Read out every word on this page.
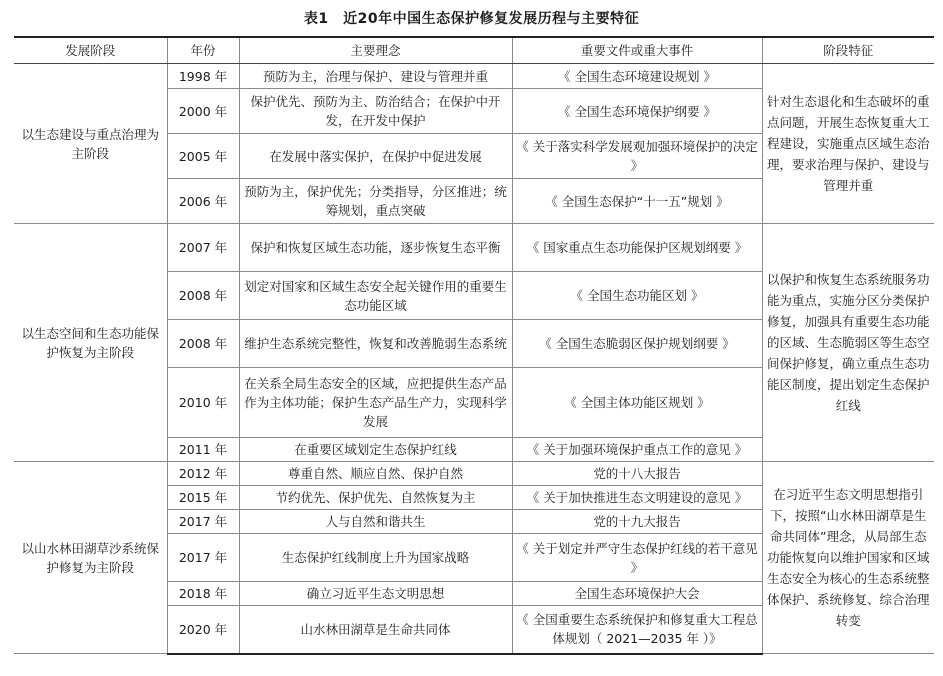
表1　近20年中国生态保护修复发展历程与主要特征
发展阶段	年份	主要理念	重要文件或重大事件	阶段特征
以生态建设与重点治理为主阶段	1998 年	预防为主，治理与保护、建设与管理并重	《 全国生态环境建设规划 》	针对生态退化和生态破坏的重点问题，开展生态恢复重大工程建设，实施重点区域生态治理，要求治理与保护、建设与管理并重
	2000 年	保护优先、预防为主、防治结合；在保护中开发，在开发中保护	《 全国生态环境保护纲要 》	
	2005 年	在发展中落实保护，在保护中促进发展	《 关于落实科学发展观加强环境保护的决定 》	
	2006 年	预防为主，保护优先；分类指导，分区推进；统筹规划，重点突破	《 全国生态保护“十一五”规划 》	
以生态空间和生态功能保护恢复为主阶段	2007 年	保护和恢复区域生态功能，逐步恢复生态平衡	《 国家重点生态功能保护区规划纲要 》	以保护和恢复生态系统服务功能为重点，实施分区分类保护修复，加强具有重要生态功能的区域、生态脆弱区等生态空间保护修复，确立重点生态功能区制度，提出划定生态保护红线
	2008 年	划定对国家和区域生态安全起关键作用的重要生态功能区域	《 全国生态功能区划 》	
	2008 年	维护生态系统完整性，恢复和改善脆弱生态系统	《 全国生态脆弱区保护规划纲要 》	
	2010 年	在关系全局生态安全的区域，应把提供生态产品作为主体功能；保护生态产品生产力，实现科学发展	《 全国主体功能区规划 》	
	2011 年	在重要区域划定生态保护红线	《 关于加强环境保护重点工作的意见 》	
以山水林田湖草沙系统保护修复为主阶段	2012 年	尊重自然、顺应自然、保护自然	党的十八大报告	在习近平生态文明思想指引下，按照“山水林田湖草是生命共同体”理念，从局部生态功能恢复向以维护国家和区域生态安全为核心的生态系统整体保护、系统修复、综合治理转变
	2015 年	节约优先、保护优先、自然恢复为主	《 关于加快推进生态文明建设的意见 》	
	2017 年	人与自然和谐共生	党的十九大报告	
	2017 年	生态保护红线制度上升为国家战略	《 关于划定并严守生态保护红线的若干意见 》	
	2018 年	确立习近平生态文明思想	全国生态环境保护大会	
	2020 年	山水林田湖草是生命共同体	《 全国重要生态系统保护和修复重大工程总体规划（ 2021—2035 年 ）》	
